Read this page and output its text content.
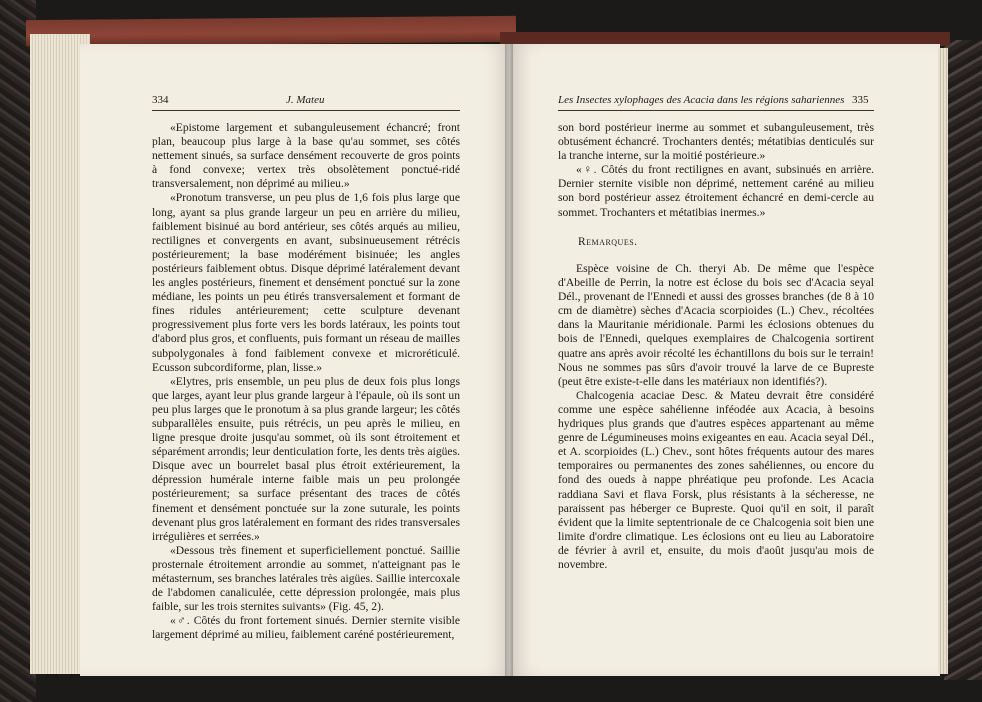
334	J. Mateu

«Epistome largement et subanguleusement échancré; front plan, beaucoup plus large à la base qu'au sommet, ses côtés nettement sinués, sa surface densément recouverte de gros points à fond convexe; vertex très obsolètement ponctué-ridé transversalement, non déprimé au milieu.»

«Pronotum transverse, un peu plus de 1,6 fois plus large que long, ayant sa plus grande largeur un peu en arrière du milieu, faiblement bisinué au bord antérieur, ses côtés arqués au milieu, rectilignes et convergents en avant, subsinueusement rétrécis postérieurement; la base modérément bisinuée; les angles postérieurs faiblement obtus. Disque déprimé latéralement devant les angles postérieurs, finement et densément ponctué sur la zone médiane, les points un peu étirés transversalement et formant de fines ridules antérieurement; cette sculpture devenant progressivement plus forte vers les bords latéraux, les points tout d'abord plus gros, et confluents, puis formant un réseau de mailles subpolygonales à fond faiblement convexe et microréticulé. Ecusson subcordiforme, plan, lisse.»

«Elytres, pris ensemble, un peu plus de deux fois plus longs que larges, ayant leur plus grande largeur à l'épaule, où ils sont un peu plus larges que le pronotum à sa plus grande largeur; les côtés subparallèles ensuite, puis rétrécis, un peu après le milieu, en ligne presque droite jusqu'au sommet, où ils sont étroitement et séparément arrondis; leur denticulation forte, les dents très aigües. Disque avec un bourrelet basal plus étroit extérieurement, la dépression humérale interne faible mais un peu prolongée postérieurement; sa surface présentant des traces de côtés finement et densément ponctuée sur la zone suturale, les points devenant plus gros latéralement en formant des rides transversales irrégulières et serrées.»

«Dessous très finement et superficiellement ponctué. Saillie prosternale étroitement arrondie au sommet, n'atteignant pas le métasternum, ses branches latérales très aigües. Saillie intercoxale de l'abdomen canaliculée, cette dépression prolongée, mais plus faible, sur les trois sternites suivants» (Fig. 45, 2).

«♂. Côtés du front fortement sinués. Dernier sternite visible largement déprimé au milieu, faiblement caréné postérieurement,

Les Insectes xylophages des Acacia dans les régions sahariennes 335

son bord postérieur inerme au sommet et subanguleusement, très obtusément échancré. Trochanters dentés; métatibias denticulés sur la tranche interne, sur la moitié postérieure.»

«♀. Côtés du front rectilignes en avant, subsinués en arrière. Dernier sternite visible non déprimé, nettement caréné au milieu son bord postérieur assez étroitement échancré en demi-cercle au sommet. Trochanters et métatibias inermes.»

Remarques.

Espèce voisine de Ch. theryi Ab. De même que l'espèce d'Abeille de Perrin, la notre est éclose du bois sec d'Acacia seyal Dél., provenant de l'Ennedi et aussi des grosses branches (de 8 à 10 cm de diamètre) sèches d'Acacia scorpioides (L.) Chev., récoltées dans la Mauritanie méridionale. Parmi les éclosions obtenues du bois de l'Ennedi, quelques exemplaires de Chalcogenia sortirent quatre ans après avoir récolté les échantillons du bois sur le terrain! Nous ne sommes pas sûrs d'avoir trouvé la larve de ce Bupreste (peut être existe-t-elle dans les matériaux non identifiés?).

Chalcogenia acaciae Desc. & Mateu devrait être considéré comme une espèce sahélienne inféodée aux Acacia, à besoins hydriques plus grands que d'autres espèces appartenant au même genre de Légumineuses moins exigeantes en eau. Acacia seyal Dél., et A. scorpioides (L.) Chev., sont hôtes fréquents autour des mares temporaires ou permanentes des zones sahéliennes, ou encore du fond des oueds à nappe phréatique peu profonde. Les Acacia raddiana Savi et flava Forsk, plus résistants à la sécheresse, ne paraissent pas héberger ce Bupreste. Quoi qu'il en soit, il paraît évident que la limite septentrionale de ce Chalcogenia soit bien une limite d'ordre climatique. Les éclosions ont eu lieu au Laboratoire de février à avril et, ensuite, du mois d'août jusqu'au mois de novembre.
